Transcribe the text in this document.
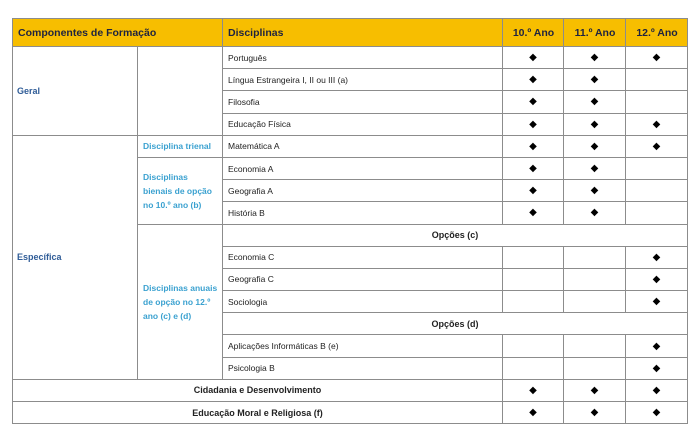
Componentes de Formação		Disciplinas	10.º Ano	11.º Ano	12.º Ano
Geral		Português	◆	◆	◆
		Língua Estrangeira I, II ou III (a)	◆	◆	
		Filosofia	◆	◆	
		Educação Física	◆	◆	◆
Específica	Disciplina trienal	Matemática A	◆	◆	◆
	Disciplinas bienais de opção no 10.º ano (b)	Economia A	◆	◆	
		Geografia A	◆	◆	
		História B	◆	◆	
	Disciplinas anuais de opção no 12.º ano (c) e (d)	Opções (c)			
		Economia C			◆
		Geografia C			◆
		Sociologia			◆
		Opções (d)			
		Aplicações Informáticas B (e)			◆
		Psicologia B			◆
Cidadania e Desenvolvimento			◆	◆	◆
Educação Moral e Religiosa (f)			◆	◆	◆
